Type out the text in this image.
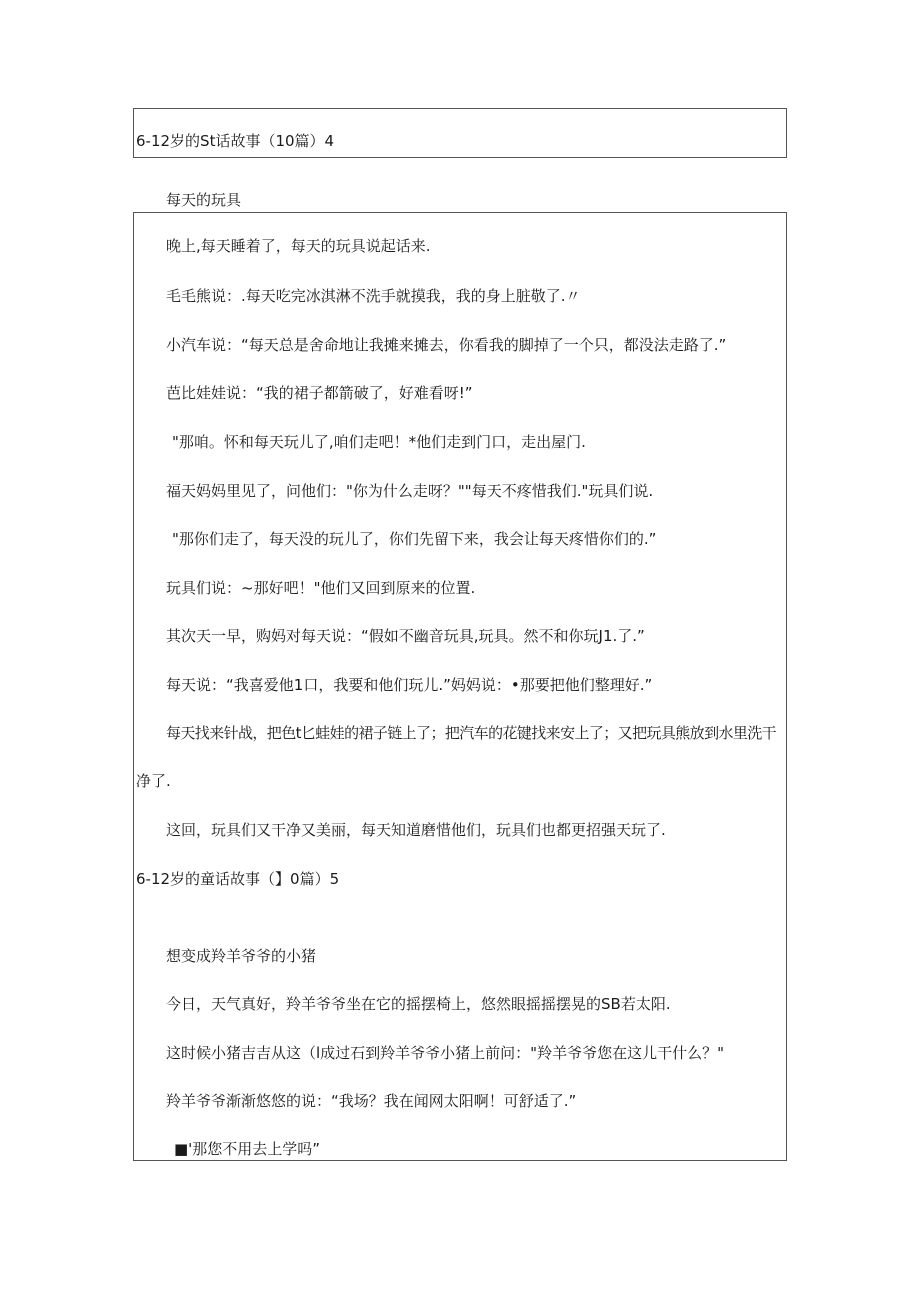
6-12岁的St话故事（10篇）4
每天的玩具
晚上,每天睡着了，每天的玩具说起话来.
毛毛熊说：.每天吃完冰淇淋不洗手就摸我，我的身上脏敬了.〃
小汽车说：“每天总是舍命地让我摊来摊去，你看我的脚掉了一个只，都没法走路了.”
芭比娃娃说：“我的裙子都箭破了，好难看呀!”
"那咱。怀和每天玩儿了,咱们走吧！*他们走到门口，走出屋门.
福天妈妈里见了，问他们："你为什么走呀？""每天不疼惜我们."玩具们说.
"那你们走了，每天没的玩儿了，你们先留下来，我会让每天疼惜你们的.”
玩具们说：~那好吧！"他们又回到原来的位置.
其次天一早，购妈对每天说：“假如不幽音玩具,玩具。然不和你玩J1.了.”
每天说：“我喜爱他1口，我要和他们玩儿.”妈妈说：•那要把他们整理好.”
每天找来针战，把色t匕蛙娃的裙子链上了；把汽车的花键找来安上了；又把玩具熊放到水里洗干
净了.
这回，玩具们又干净又美丽，每天知道磨惜他们，玩具们也都更招强天玩了.
6-12岁的童话故事（】0篇）5
想变成羚羊爷爷的小猪
今日，天气真好，羚羊爷爷坐在它的摇摆椅上，悠然眼摇摇摆晃的SB若太阳.
这时候小猪吉吉从这（l成过石到羚羊爷爷小猪上前问："羚羊爷爷您在这儿干什么？"
羚羊爷爷渐渐悠悠的说：“我场？我在闻网太阳啊！可舒适了.”
■'那您不用去上学吗”
